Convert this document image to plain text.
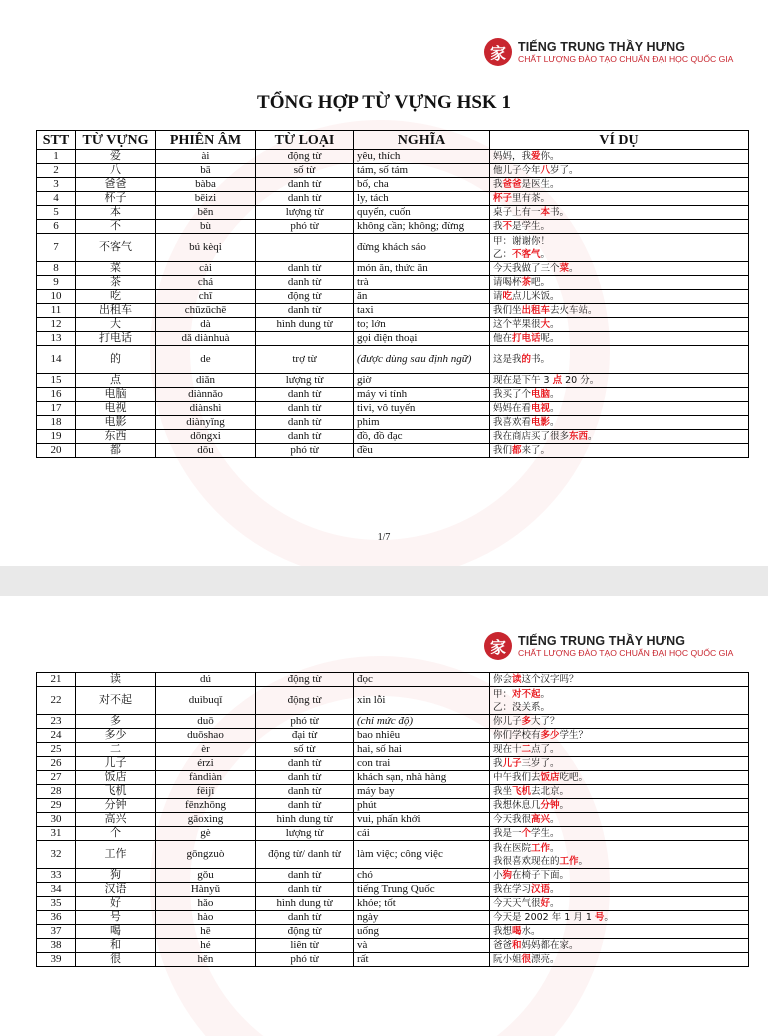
家 TIẾNG TRUNG THẦY HƯNG
CHẤT LƯỢNG ĐÀO TẠO CHUẨN ĐẠI HỌC QUỐC GIA
TỔNG HỢP TỪ VỰNG HSK 1
STT	TỪ VỰNG	PHIÊN ÂM	TỪ LOẠI	NGHĨA	VÍ DỤ
1	爱	ài	động từ	yêu, thích	妈妈，我爱你。

2	八	bā	số từ	tám, số tám	他儿子今年八岁了。

3	爸爸	bàba	danh từ	bố, cha	我爸爸是医生。

4	杯子	bēizi	danh từ	ly, tách	杯子里有茶。

5	本	běn	lượng từ	quyển, cuốn	桌子上有一本书。

6	不	bù	phó từ	không cần; không; đừng	我不是学生。

7	不客气	bú kèqi		đừng khách sáo	甲：谢谢你！
乙：不客气。

8	菜	cài	danh từ	món ăn, thức ăn	今天我做了三个菜。

9	茶	chá	danh từ	trà	请喝杯茶吧。

10	吃	chī	động từ	ăn	请吃点儿米饭。

11	出租车	chūzūchē	danh từ	taxi	我们坐出租车去火车站。

12	大	dà	hình dung từ	to; lớn	这个苹果很大。

13	打电话	dǎ diànhuà		gọi điện thoại	他在打电话呢。

14	的	de	trợ từ	(được dùng sau định ngữ)	这是我的书。

15	点	diǎn	lượng từ	giờ	现在是下午 3 点 20 分。

16	电脑	diànnǎo	danh từ	máy vi tính	我买了个电脑。

17	电视	diànshì	danh từ	tivi, vô tuyến	妈妈在看电视。

18	电影	diànyǐng	danh từ	phim	我喜欢看电影。

19	东西	dōngxi	danh từ	đồ, đồ đạc	我在商店买了很多东西。

20	都	dōu	phó từ	đều	我们都来了。
1/7
家 TIẾNG TRUNG THẦY HƯNG
CHẤT LƯỢNG ĐÀO TẠO CHUẨN ĐẠI HỌC QUỐC GIA
21	读	dú	động từ	đọc	你会读这个汉字吗？

22	对不起	duìbuqǐ	động từ	xin lỗi	甲：对不起。
乙：没关系。

23	多	duō	phó từ	(chỉ mức độ)	你儿子多大了？

24	多少	duōshao	đại từ	bao nhiêu	你们学校有多少学生？

25	二	èr	số từ	hai, số hai	现在十二点了。

26	儿子	érzi	danh từ	con trai	我儿子三岁了。

27	饭店	fàndiàn	danh từ	khách sạn, nhà hàng	中午我们去饭店吃吧。

28	飞机	fēijī	danh từ	máy bay	我坐飞机去北京。

29	分钟	fēnzhōng	danh từ	phút	我想休息几分钟。

30	高兴	gāoxìng	hình dung từ	vui, phấn khởi	今天我很高兴。

31	个	gè	lượng từ	cái	我是一个学生。

32	工作	gōngzuò	động từ/ danh từ	làm việc; công việc	我在医院工作。
我很喜欢现在的工作。

33	狗	gǒu	danh từ	chó	小狗在椅子下面。

34	汉语	Hànyǔ	danh từ	tiếng Trung Quốc	我在学习汉语。

35	好	hǎo	hình dung từ	khỏe; tốt	今天天气很好。

36	号	hào	danh từ	ngày	今天是 2002 年 1 月 1 号。

37	喝	hē	động từ	uống	我想喝水。

38	和	hé	liên từ	và	爸爸和妈妈都在家。

39	很	hěn	phó từ	rất	阮小姐很漂亮。
